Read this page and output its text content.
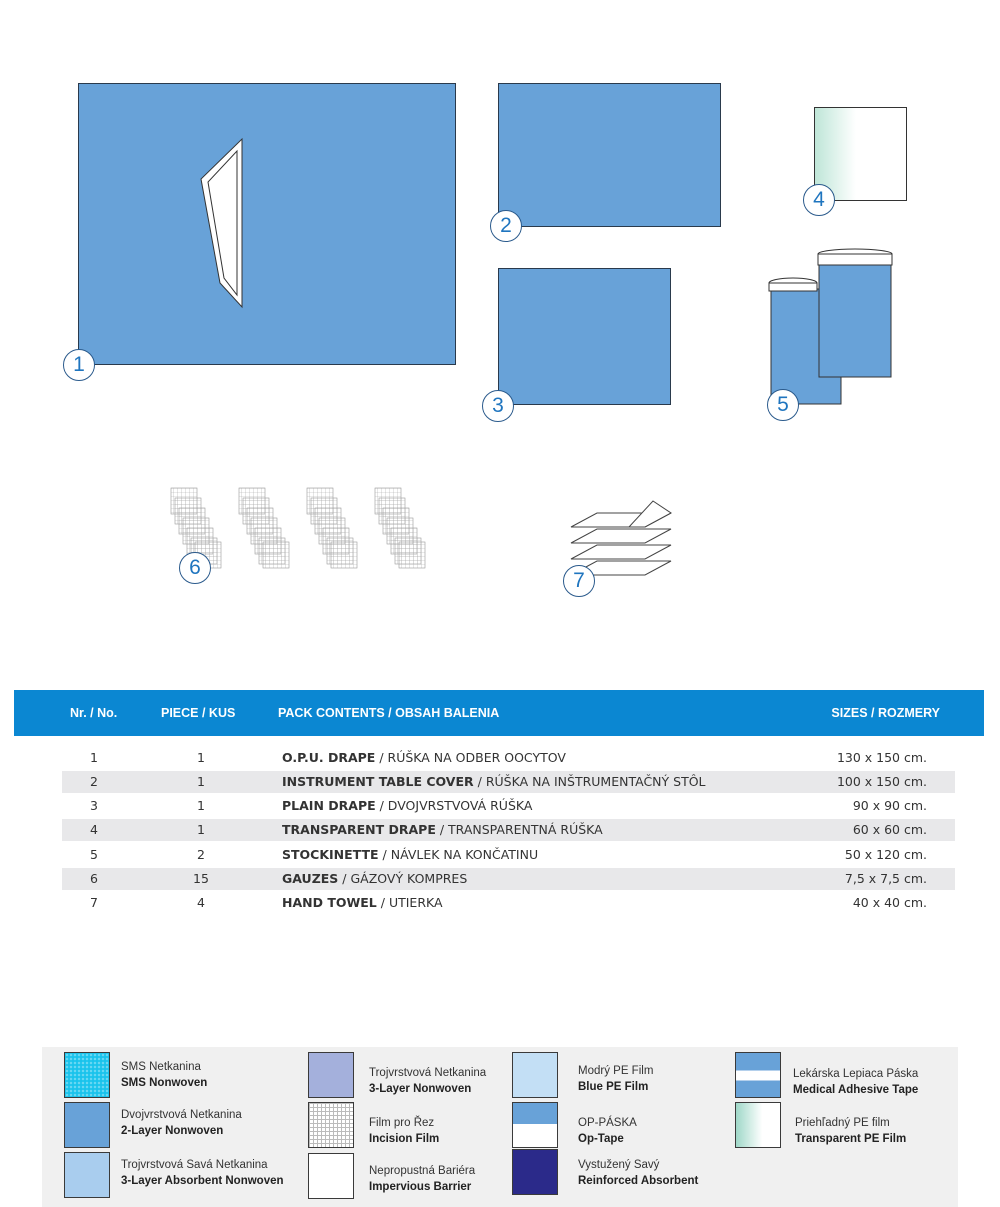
1
2
3
4
5
6
7
Nr. / No.	PIECE / KUS	PACK CONTENTS / OBSAH BALENIA	SIZES / ROZMERY
1	1	O.P.U. DRAPE / RÚŠKA NA ODBER OOCYTOV	130 x 150 cm.
2	1	INSTRUMENT TABLE COVER / RÚŠKA NA INŠTRUMENTAČNÝ STÔL	100 x 150 cm.
3	1	PLAIN DRAPE / DVOJVRSTVOVÁ RÚŠKA	90 x 90 cm.
4	1	TRANSPARENT DRAPE / TRANSPARENTNÁ RÚŠKA	60 x 60 cm.
5	2	STOCKINETTE / NÁVLEK NA KONČATINU	50 x 120 cm.
6	15	GAUZES / GÁZOVÝ KOMPRES	7,5 x 7,5 cm.
7	4	HAND TOWEL / UTIERKA	40 x 40 cm.
SMS Netkanina
SMS Nonwoven
Dvojvrstvová Netkanina
2-Layer Nonwoven
Trojvrstvová Savá Netkanina
3-Layer Absorbent Nonwoven
Trojvrstvová Netkanina
3-Layer Nonwoven
Film pro Řez
Incision Film
Nepropustná Bariéra
Impervious Barrier
Modrý PE Film
Blue PE Film
OP-PÁSKA
Op-Tape
Vystužený Savý
Reinforced Absorbent
Lekárska Lepiaca Páska
Medical Adhesive Tape
Priehľadný PE film
Transparent PE Film
